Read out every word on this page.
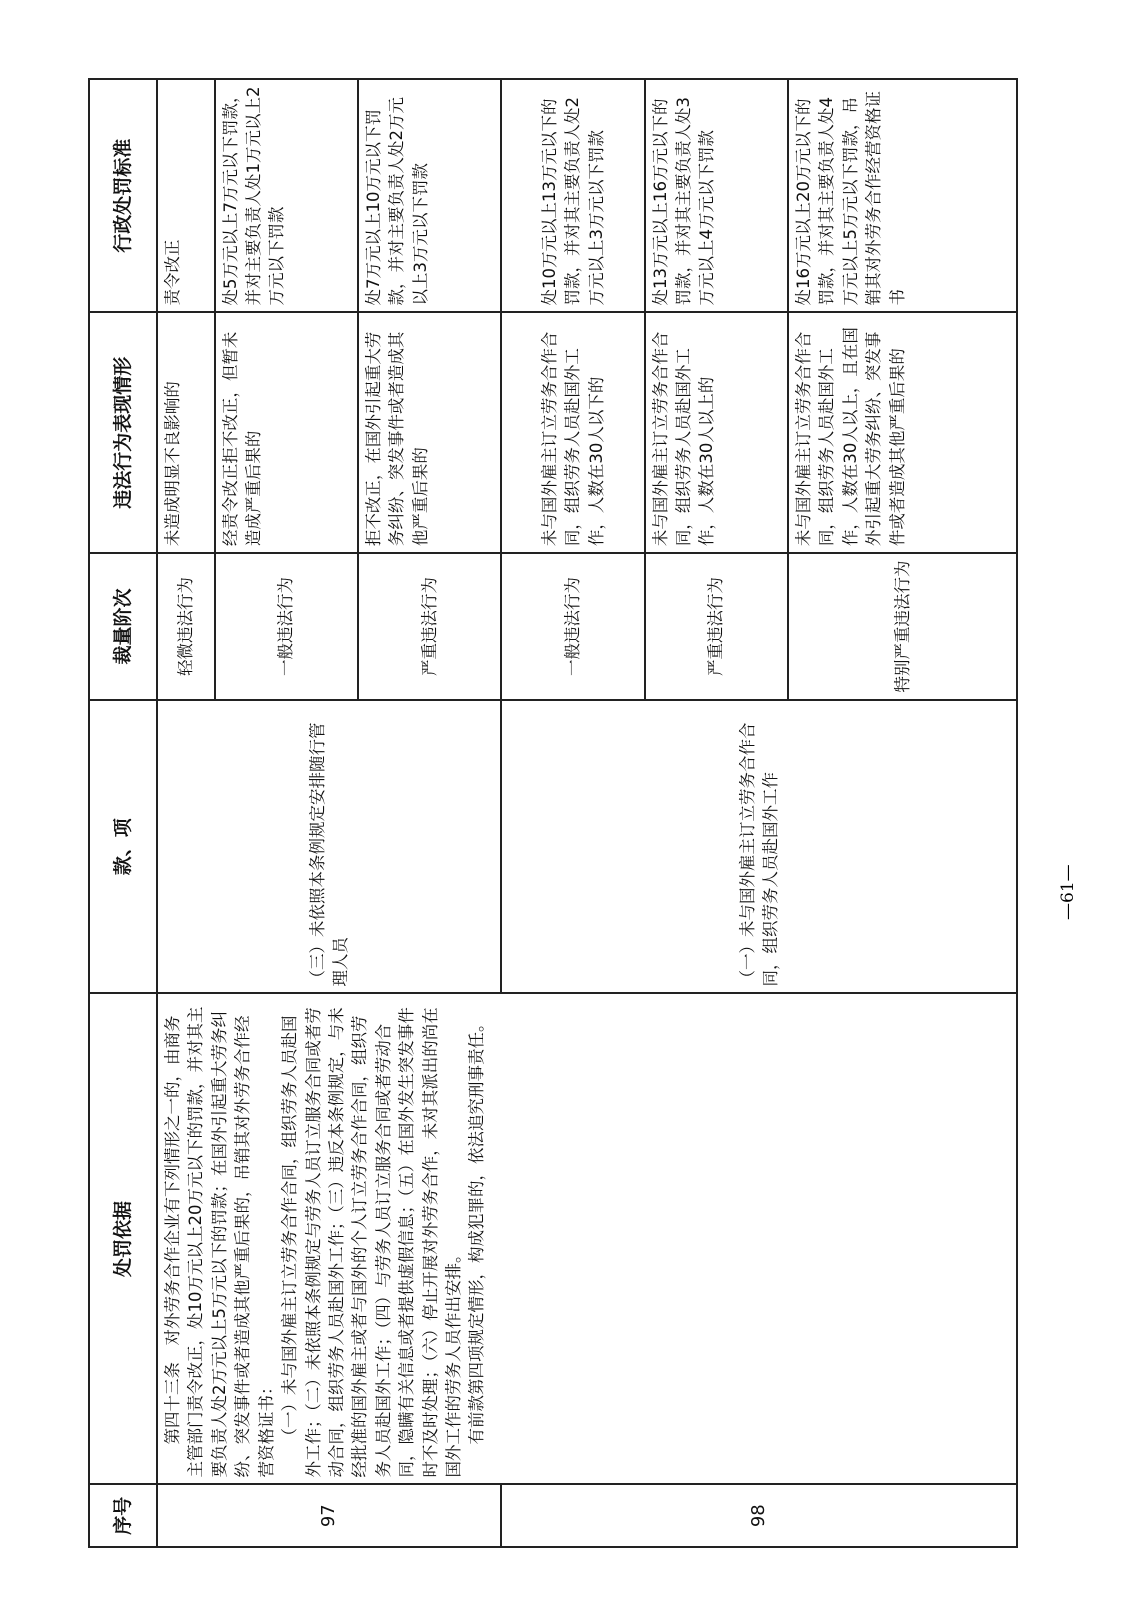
序号	处罚依据	款、项	裁量阶次	违法行为表现情形	行政处罚标准
97	第四十三条　对外劳务合作企业有下列情形之一的，由商务主管部门责令改正，处10万元以上20万元以下的罚款，并对其主要负责人处2万元以上5万元以下的罚款；在国外引起重大劳务纠纷、突发事件或者造成其他严重后果的，吊销其对外劳务合作经营资格证书： （一）未与国外雇主订立劳务合作合同，组织劳务人员赴国外工作；（二）未依照本条例规定与劳务人员订立服务合同或者劳动合同，组织劳务人员赴国外工作；（三）违反本条例规定，与未经批准的国外雇主或者与国外的个人订立劳务合作合同，组织劳务人员赴国外工作；（四）与劳务人员订立服务合同或者劳动合同，隐瞒有关信息或者提供虚假信息；（五）在国外发生突发事件时不及时处理；（六）停止开展对外劳务合作，未对其派出的尚在国外工作的劳务人员作出安排。 有前款第四项规定情形，构成犯罪的，依法追究刑事责任。	（三）未依照本条例规定安排随行管理人员	轻微违法行为	未造成明显不良影响的	责令改正
			一般违法行为	经责令改正拒不改正，但暂未造成严重后果的	处5万元以上7万元以下罚款，并对主要负责人处1万元以上2万元以下罚款
			严重违法行为	拒不改正，在国外引起重大劳务纠纷、突发事件或者造成其他严重后果的	处7万元以上10万元以下罚款，并对主要负责人处2万元以上3万元以下罚款
98		（一）未与国外雇主订立劳务合作合同，组织劳务人员赴国外工作	一般违法行为	未与国外雇主订立劳务合作合同，组织劳务人员赴国外工作，人数在30人以下的	处10万元以上13万元以下的罚款，并对其主要负责人处2万元以上3万元以下罚款
			严重违法行为	未与国外雇主订立劳务合作合同，组织劳务人员赴国外工作，人数在30人以上的	处13万元以上16万元以下的罚款，并对其主要负责人处3万元以上4万元以下罚款
			特别严重违法行为	未与国外雇主订立劳务合作合同，组织劳务人员赴国外工作，人数在30人以上，且在国外引起重大劳务纠纷、突发事件或者造成其他严重后果的	处16万元以上20万元以下的罚款，并对其主要负责人处4万元以上5万元以下罚款，吊销其对外劳务合作经营资格证书
—61—
